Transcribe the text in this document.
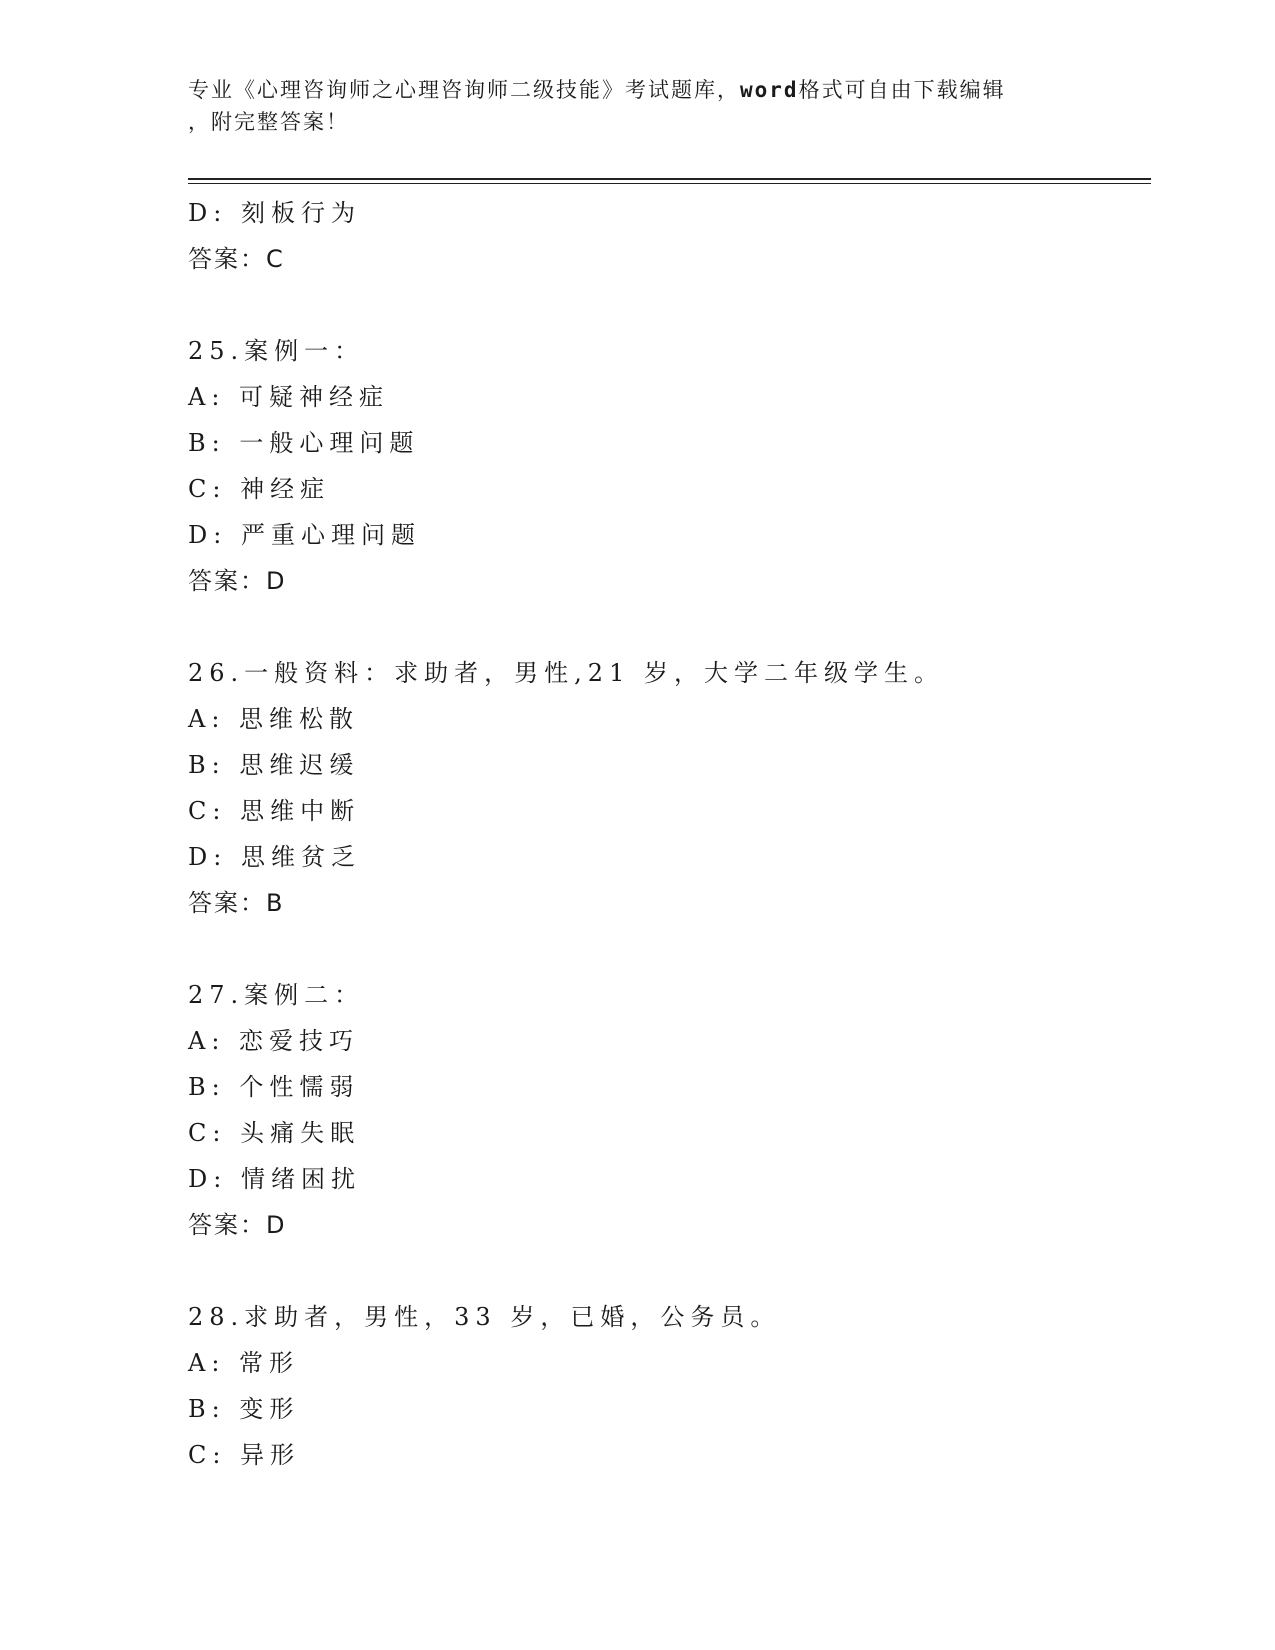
专业《心理咨询师之心理咨询师二级技能》考试题库，word格式可自由下载编辑
，附完整答案！
D: 刻板行为
答案：C
25.案例一：
A: 可疑神经症
B: 一般心理问题
C: 神经症
D: 严重心理问题
答案：D
26.一般资料：求助者，男性,21 岁，大学二年级学生。
A: 思维松散
B: 思维迟缓
C: 思维中断
D: 思维贫乏
答案：B
27.案例二：
A: 恋爱技巧
B: 个性懦弱
C: 头痛失眠
D: 情绪困扰
答案：D
28.求助者，男性，33 岁，已婚，公务员。
A: 常形
B: 变形
C: 异形
